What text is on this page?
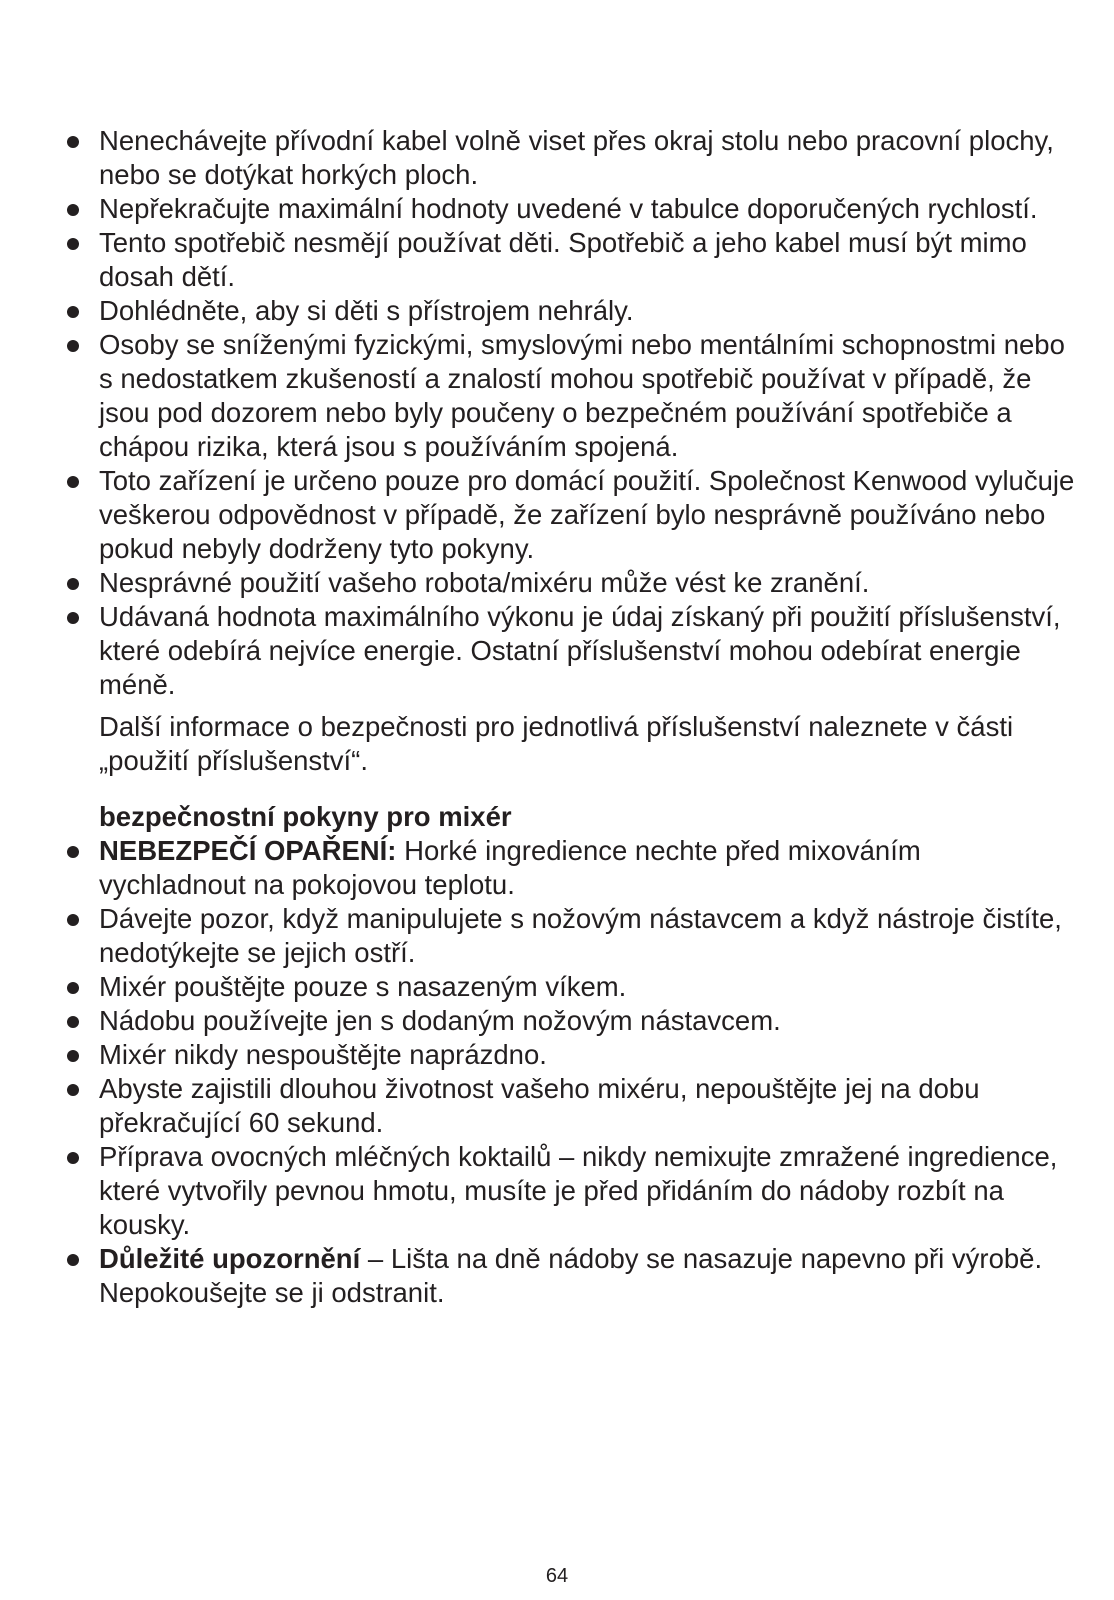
Nenechávejte přívodní kabel volně viset přes okraj stolu nebo pracovní plochy, nebo se dotýkat horkých ploch.
Nepřekračujte maximální hodnoty uvedené v tabulce doporučených rychlostí.
Tento spotřebič nesmějí používat děti. Spotřebič a jeho kabel musí být mimo dosah dětí.
Dohlédněte, aby si děti s přístrojem nehrály.
Osoby se sníženými fyzickými, smyslovými nebo mentálními schopnostmi nebo s nedostatkem zkušeností a znalostí mohou spotřebič používat v případě, že jsou pod dozorem nebo byly poučeny o bezpečném používání spotřebiče a chápou rizika, která jsou s používáním spojená.
Toto zařízení je určeno pouze pro domácí použití. Společnost Kenwood vylučuje veškerou odpovědnost v případě, že zařízení bylo nesprávně používáno nebo pokud nebyly dodrženy tyto pokyny.
Nesprávné použití vašeho robota/mixéru může vést ke zranění.
Udávaná hodnota maximálního výkonu je údaj získaný při použití příslušenství, které odebírá nejvíce energie. Ostatní příslušenství mohou odebírat energie méně.
Další informace o bezpečnosti pro jednotlivá příslušenství naleznete v části „použití příslušenství“.
bezpečnostní pokyny pro mixér
NEBEZPEČÍ OPAŘENÍ: Horké ingredience nechte před mixováním vychladnout na pokojovou teplotu.
Dávejte pozor, když manipulujete s nožovým nástavcem a když nástroje čistíte, nedotýkejte se jejich ostří.
Mixér pouštějte pouze s nasazeným víkem.
Nádobu používejte jen s dodaným nožovým nástavcem.
Mixér nikdy nespouštějte naprázdno.
Abyste zajistili dlouhou životnost vašeho mixéru, nepouštějte jej na dobu překračující 60 sekund.
Příprava ovocných mléčných koktailů – nikdy nemixujte zmražené ingredience, které vytvořily pevnou hmotu, musíte je před přidáním do nádoby rozbít na kousky.
Důležité upozornění – Lišta na dně nádoby se nasazuje napevno při výrobě. Nepokoušejte se ji odstranit.
64
